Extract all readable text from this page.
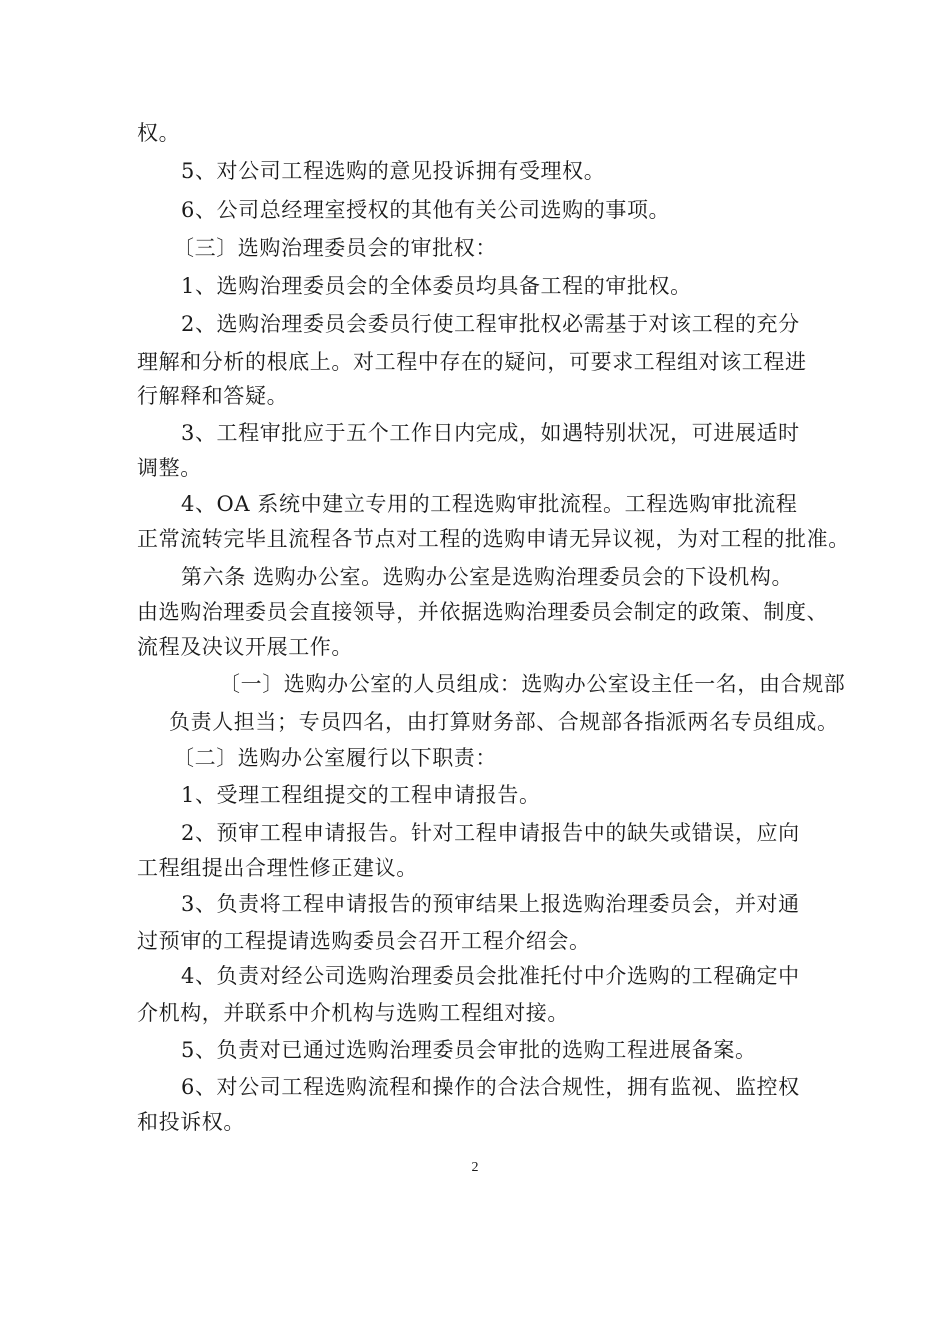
权。
5、对公司工程选购的意见投诉拥有受理权。
6、公司总经理室授权的其他有关公司选购的事项。
〔三〕选购治理委员会的审批权：
1、选购治理委员会的全体委员均具备工程的审批权。
2、选购治理委员会委员行使工程审批权必需基于对该工程的充分
理解和分析的根底上。对工程中存在的疑问，可要求工程组对该工程进
行解释和答疑。
3、工程审批应于五个工作日内完成，如遇特别状况，可进展适时
调整。
4、OA 系统中建立专用的工程选购审批流程。工程选购审批流程
正常流转完毕且流程各节点对工程的选购申请无异议视，为对工程的批准。
第六条 选购办公室。选购办公室是选购治理委员会的下设机构。
由选购治理委员会直接领导，并依据选购治理委员会制定的政策、制度、
流程及决议开展工作。
〔一〕选购办公室的人员组成：选购办公室设主任一名，由合规部
负责人担当；专员四名，由打算财务部、合规部各指派两名专员组成。
〔二〕选购办公室履行以下职责：
1、受理工程组提交的工程申请报告。
2、预审工程申请报告。针对工程申请报告中的缺失或错误，应向
工程组提出合理性修正建议。
3、负责将工程申请报告的预审结果上报选购治理委员会，并对通
过预审的工程提请选购委员会召开工程介绍会。
4、负责对经公司选购治理委员会批准托付中介选购的工程确定中
介机构，并联系中介机构与选购工程组对接。
5、负责对已通过选购治理委员会审批的选购工程进展备案。
6、对公司工程选购流程和操作的合法合规性，拥有监视、监控权
和投诉权。
2
